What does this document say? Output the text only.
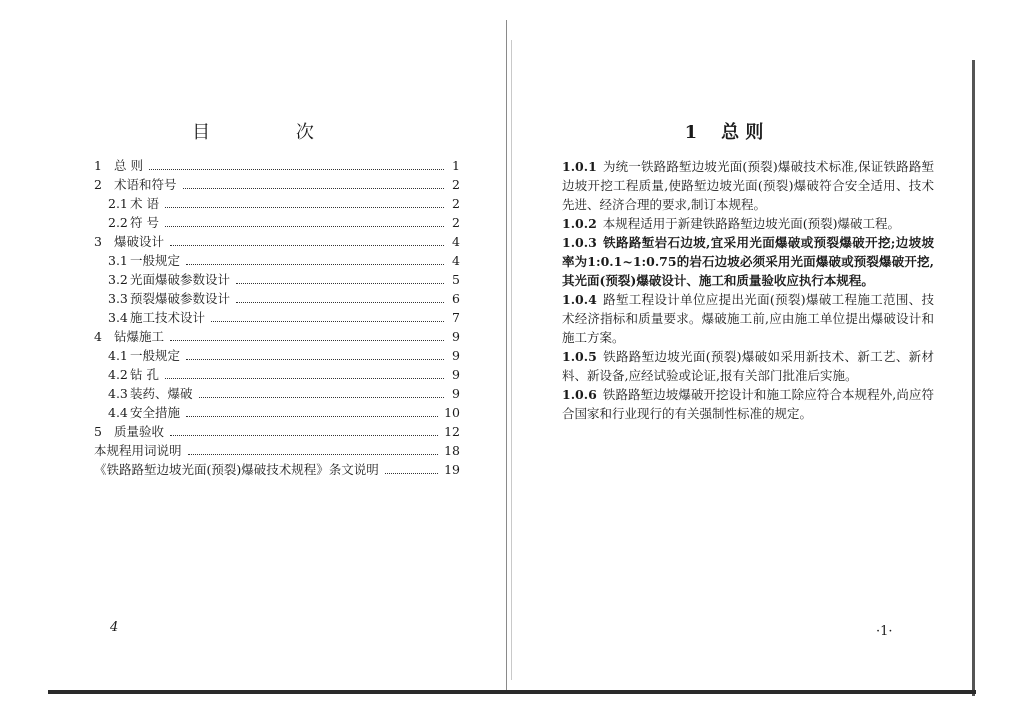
目 次
1 总 则	1
2 术语和符号	2
2.1 术 语	2
2.2 符 号	2
3 爆破设计	4
3.1 一般规定	4
3.2 光面爆破参数设计	5
3.3 预裂爆破参数设计	6
3.4 施工技术设计	7
4 钻爆施工	9
4.1 一般规定	9
4.2 钻 孔	9
4.3 装药、爆破	9
4.4 安全措施	10
5 质量验收	12
本规程用词说明	18
《铁路路堑边坡光面(预裂)爆破技术规程》条文说明	19
4
1 总 则

1.0.1 为统一铁路路堑边坡光面(预裂)爆破技术标准,保证铁路路堑边坡开挖工程质量,使路堑边坡光面(预裂)爆破符合安全适用、技术先进、经济合理的要求,制订本规程。

1.0.2 本规程适用于新建铁路路堑边坡光面(预裂)爆破工程。

1.0.3 铁路路堑岩石边坡,宜采用光面爆破或预裂爆破开挖;边坡坡率为1:0.1~1:0.75的岩石边坡必须采用光面爆破或预裂爆破开挖,其光面(预裂)爆破设计、施工和质量验收应执行本规程。

1.0.4 路堑工程设计单位应提出光面(预裂)爆破工程施工范围、技术经济指标和质量要求。爆破施工前,应由施工单位提出爆破设计和施工方案。

1.0.5 铁路路堑边坡光面(预裂)爆破如采用新技术、新工艺、新材料、新设备,应经试验或论证,报有关部门批准后实施。

1.0.6 铁路路堑边坡爆破开挖设计和施工除应符合本规程外,尚应符合国家和行业现行的有关强制性标准的规定。

·1·
